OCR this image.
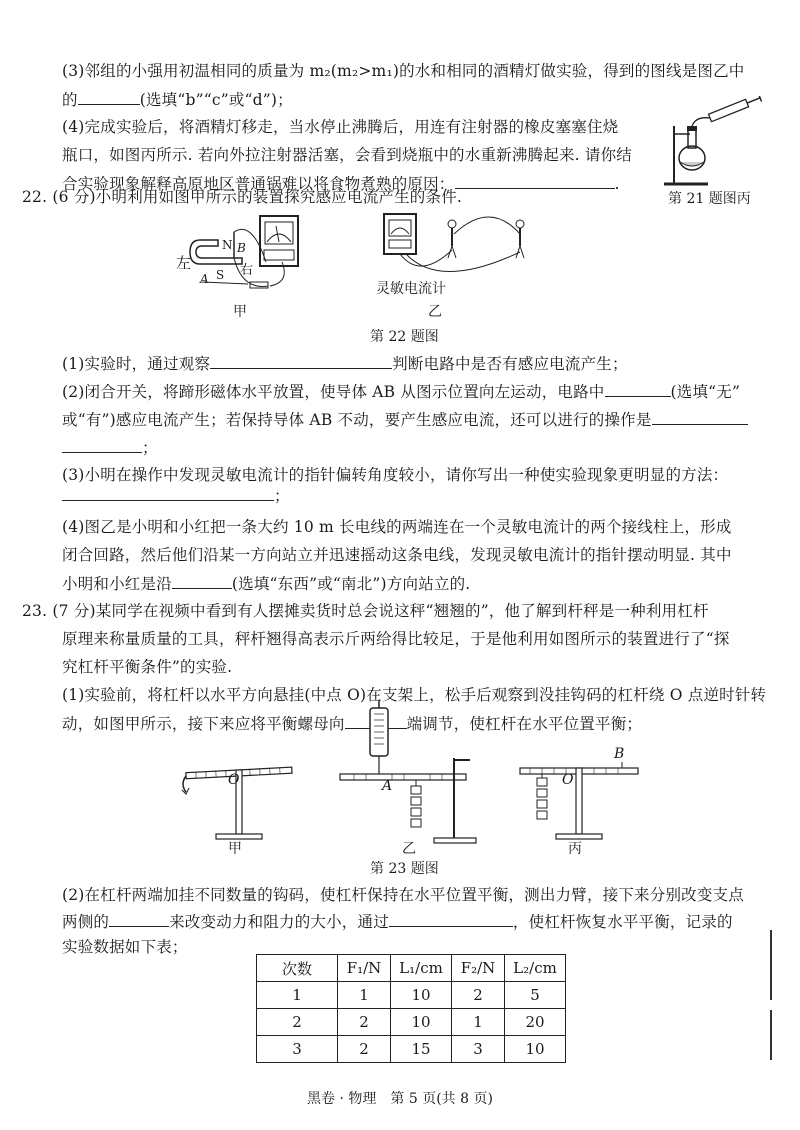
(3)邻组的小强用初温相同的质量为 m₂(m₂>m₁)的水和相同的酒精灯做实验，得到的图线是图乙中
的	(选填“b”“c”或“d”)；
(4)完成实验后，将酒精灯移走，当水停止沸腾后，用连有注射器的橡皮塞塞住烧
瓶口，如图丙所示. 若向外拉注射器活塞，会看到烧瓶中的水重新沸腾起来. 请你结
合实验现象解释高原地区普通锅难以将食物煮熟的原因：	.
第 21 题图丙
22. (6 分)小明利用如图甲所示的装置探究感应电流产生的条件.
左	右
N
S
A
B
甲
灵敏电流计
乙
第 22 题图
(1)实验时，通过观察	判断电路中是否有感应电流产生；
(2)闭合开关，将蹄形磁体水平放置，使导体 AB 从图示位置向左运动，电路中	(选填“无”
或“有”)感应电流产生；若保持导体 AB 不动，要产生感应电流，还可以进行的操作是
；
(3)小明在操作中发现灵敏电流计的指针偏转角度较小，请你写出一种使实验现象更明显的方法：
；
(4)图乙是小明和小红把一条大约 10 m 长电线的两端连在一个灵敏电流计的两个接线柱上，形成
闭合回路，然后他们沿某一方向站立并迅速摇动这条电线，发现灵敏电流计的指针摆动明显. 其中
小明和小红是沿	(选填“东西”或“南北”)方向站立的.
23. (7 分)某同学在视频中看到有人摆摊卖货时总会说这秤“翘翘的”，他了解到杆秤是一种利用杠杆
原理来称量质量的工具，秤杆翘得高表示斤两给得比较足，于是他利用如图所示的装置进行了“探
究杠杆平衡条件”的实验.
(1)实验前，将杠杆以水平方向悬挂(中点 O)在支架上，松手后观察到没挂钩码的杠杆绕 O 点逆时针转
动，如图甲所示，接下来应将平衡螺母向	端调节，使杠杆在水平位置平衡；
O
甲
A
乙
O
B
丙
第 23 题图
(2)在杠杆两端加挂不同数量的钩码，使杠杆保持在水平位置平衡，测出力臂，接下来分别改变支点
两侧的	来改变动力和阻力的大小，通过	，使杠杆恢复水平平衡，记录的
实验数据如下表；
次数	F₁/N	L₁/cm	F₂/N	L₂/cm
1	1	10	2	5
2	2	10	1	20
3	2	15	3	10
黑卷 · 物理　第 5 页(共 8 页)
